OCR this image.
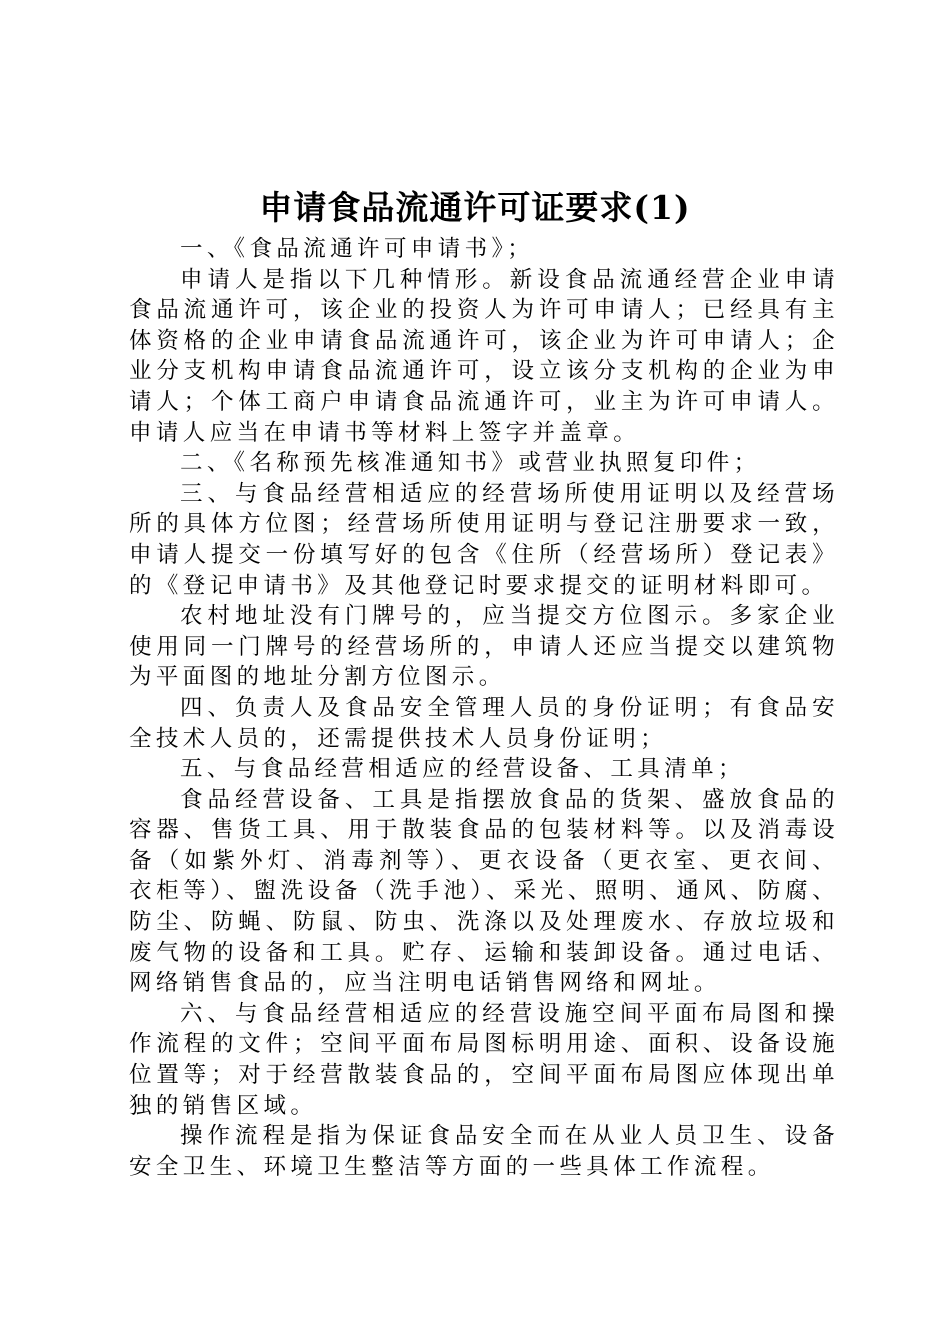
申请食品流通许可证要求(1)

一、《食品流通许可申请书》；

申请人是指以下几种情形。新设食品流通经营企业申请食品流通许可，该企业的投资人为许可申请人；已经具有主体资格的企业申请食品流通许可，该企业为许可申请人；企业分支机构申请食品流通许可，设立该分支机构的企业为申请人；个体工商户申请食品流通许可，业主为许可申请人。申请人应当在申请书等材料上签字并盖章。

二、《名称预先核准通知书》或营业执照复印件；

三、与食品经营相适应的经营场所使用证明以及经营场所的具体方位图；经营场所使用证明与登记注册要求一致，申请人提交一份填写好的包含《住所（经营场所）登记表》的《登记申请书》及其他登记时要求提交的证明材料即可。

农村地址没有门牌号的，应当提交方位图示。多家企业使用同一门牌号的经营场所的，申请人还应当提交以建筑物为平面图的地址分割方位图示。

四、负责人及食品安全管理人员的身份证明；有食品安全技术人员的，还需提供技术人员身份证明；

五、与食品经营相适应的经营设备、工具清单；

食品经营设备、工具是指摆放食品的货架、盛放食品的容器、售货工具、用于散装食品的包装材料等。以及消毒设备（如紫外灯、消毒剂等）、更衣设备（更衣室、更衣间、衣柜等）、盥洗设备（洗手池）、采光、照明、通风、防腐、防尘、防蝇、防鼠、防虫、洗涤以及处理废水、存放垃圾和废气物的设备和工具。贮存、运输和装卸设备。通过电话、网络销售食品的，应当注明电话销售网络和网址。

六、与食品经营相适应的经营设施空间平面布局图和操作流程的文件；空间平面布局图标明用途、面积、设备设施位置等；对于经营散装食品的，空间平面布局图应体现出单独的销售区域。

操作流程是指为保证食品安全而在从业人员卫生、设备安全卫生、环境卫生整洁等方面的一些具体工作流程。
